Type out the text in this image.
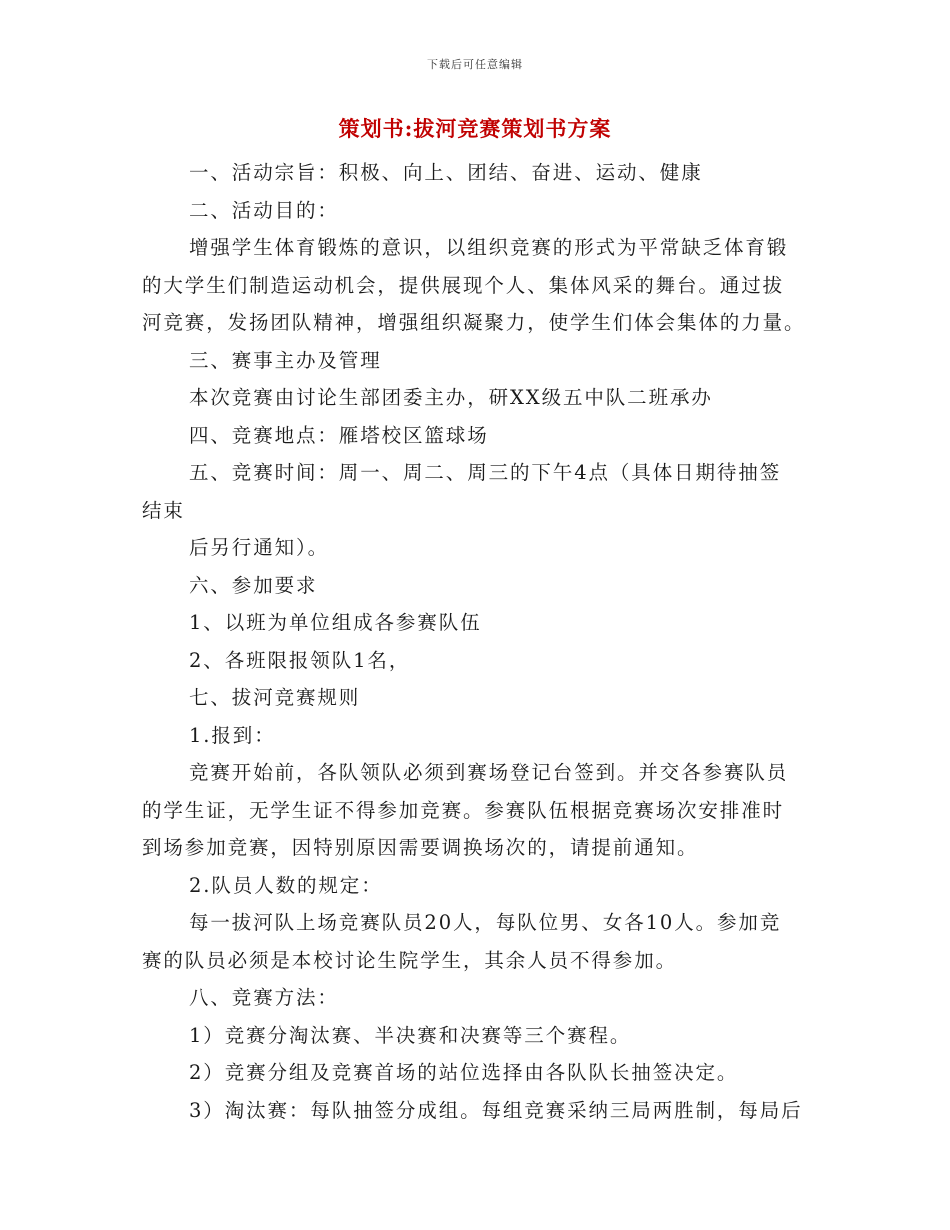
下载后可任意编辑
策划书:拔河竞赛策划书方案

一、活动宗旨：积极、向上、团结、奋进、运动、健康

二、活动目的：

增强学生体育锻炼的意识，以组织竞赛的形式为平常缺乏体育锻

的大学生们制造运动机会，提供展现个人、集体风采的舞台。通过拔

河竞赛，发扬团队精神，增强组织凝聚力，使学生们体会集体的力量。

三、赛事主办及管理

本次竞赛由讨论生部团委主办，研XX级五中队二班承办

四、竞赛地点：雁塔校区篮球场

五、竞赛时间：周一、周二、周三的下午4点（具体日期待抽签

结束

后另行通知）。

六、参加要求

1、以班为单位组成各参赛队伍

2、各班限报领队1名，

七、拔河竞赛规则

1.报到：

竞赛开始前，各队领队必须到赛场登记台签到。并交各参赛队员

的学生证，无学生证不得参加竞赛。参赛队伍根据竞赛场次安排准时

到场参加竞赛，因特别原因需要调换场次的，请提前通知。

2.队员人数的规定：

每一拔河队上场竞赛队员20人，每队位男、女各10人。参加竞

赛的队员必须是本校讨论生院学生，其余人员不得参加。

八、竞赛方法：

1）竞赛分淘汰赛、半决赛和决赛等三个赛程。

2）竞赛分组及竞赛首场的站位选择由各队队长抽签决定。

3）淘汰赛：每队抽签分成组。每组竞赛采纳三局两胜制，每局后
